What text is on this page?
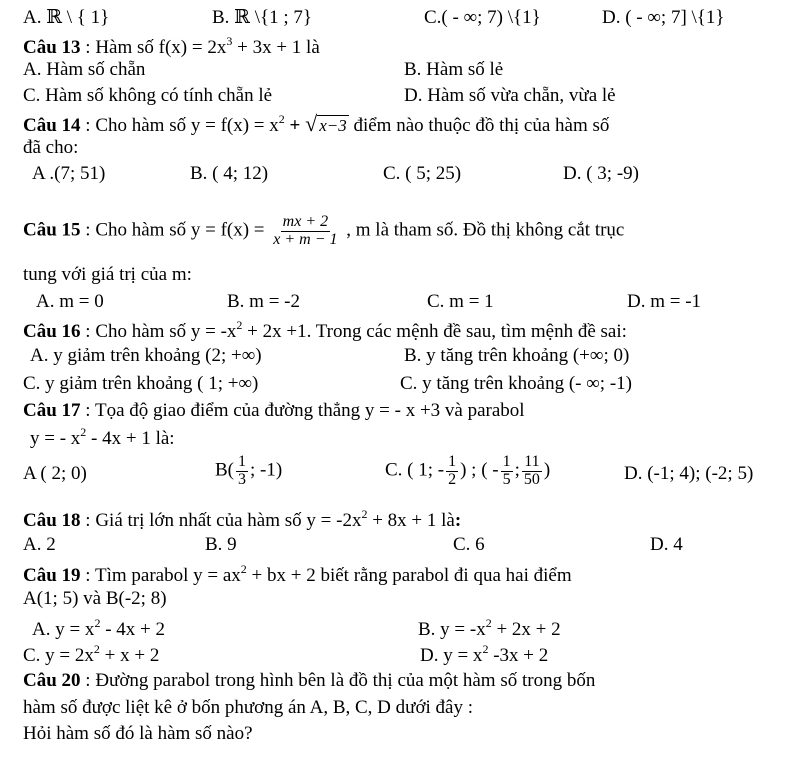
A. ℝ \ { 1}	B. ℝ \{1 ; 7}	C.( - ∞; 7) \{1}	D. ( - ∞; 7] \{1}
Câu 13 : Hàm số $f(x) = 2x^3 + 3x + 1$ là
A. Hàm số chẵn	B. Hàm số lẻ
C. Hàm số không có tính chẵn lẻ	D. Hàm số vừa chẵn, vừa lẻ
Câu 14 : Cho hàm số $y = f(x) = x^2$ + √ x−3 điểm nào thuộc đồ thị của hàm số
đã cho:
A .(7; 51)	B. ( 4; 12)	C. ( 5; 25)	D. ( 3; -9)
Câu 15 : Cho hàm số $y = f(x) = \frac{mx + 2}{x + m - 1}$ , m là tham số. Đồ thị không cắt trục
tung với giá trị của m:
A. m = 0	B. m = -2	C. m = 1	D. m = -1
Câu 16 : Cho hàm số $y = -x^2 + 2x +1$. Trong các mệnh đề sau, tìm mệnh đề sai:
A. y giảm trên khoảng (2; +∞)	B. y tăng trên khoảng (+∞; 0)
C. y giảm trên khoảng ( 1; +∞)	C. y tăng trên khoảng (- ∞; -1)
Câu 17 : Tọa độ giao điểm của đường thẳng y = - x +3 và parabol
y = - $x^2 - 4x + 1$ là:
A ( 2; 0)	$B( \frac{1}{3}$ ; -1)	C. ( 1; - $\frac{1}{2}$ ) ; ( - $\frac{1}{5}$ ; $\frac{11}{50}$ )	D. (-1; 4); (-2; 5)
Câu 18 : Giá trị lớn nhất của hàm số $y = -2x^2 + 8x + 1$ là:
A. 2	B. 9	C. 6	D. 4
Câu 19 : Tìm parabol $y = ax^2$ + bx + 2 biết rằng parabol đi qua hai điểm
A(1; 5) và B(-2; 8)
A. $y = x^2 - 4x + 2$	B. $y = -x^2 + 2x + 2$
C. $y = 2x^2 + x + 2$	D. $y = x^2$ -3x + 2
Câu 20 : Đường parabol trong hình bên là đồ thị của một hàm số trong bốn
hàm số được liệt kê ở bốn phương án A, B, C, D dưới đây :
Hỏi hàm số đó là hàm số nào?
